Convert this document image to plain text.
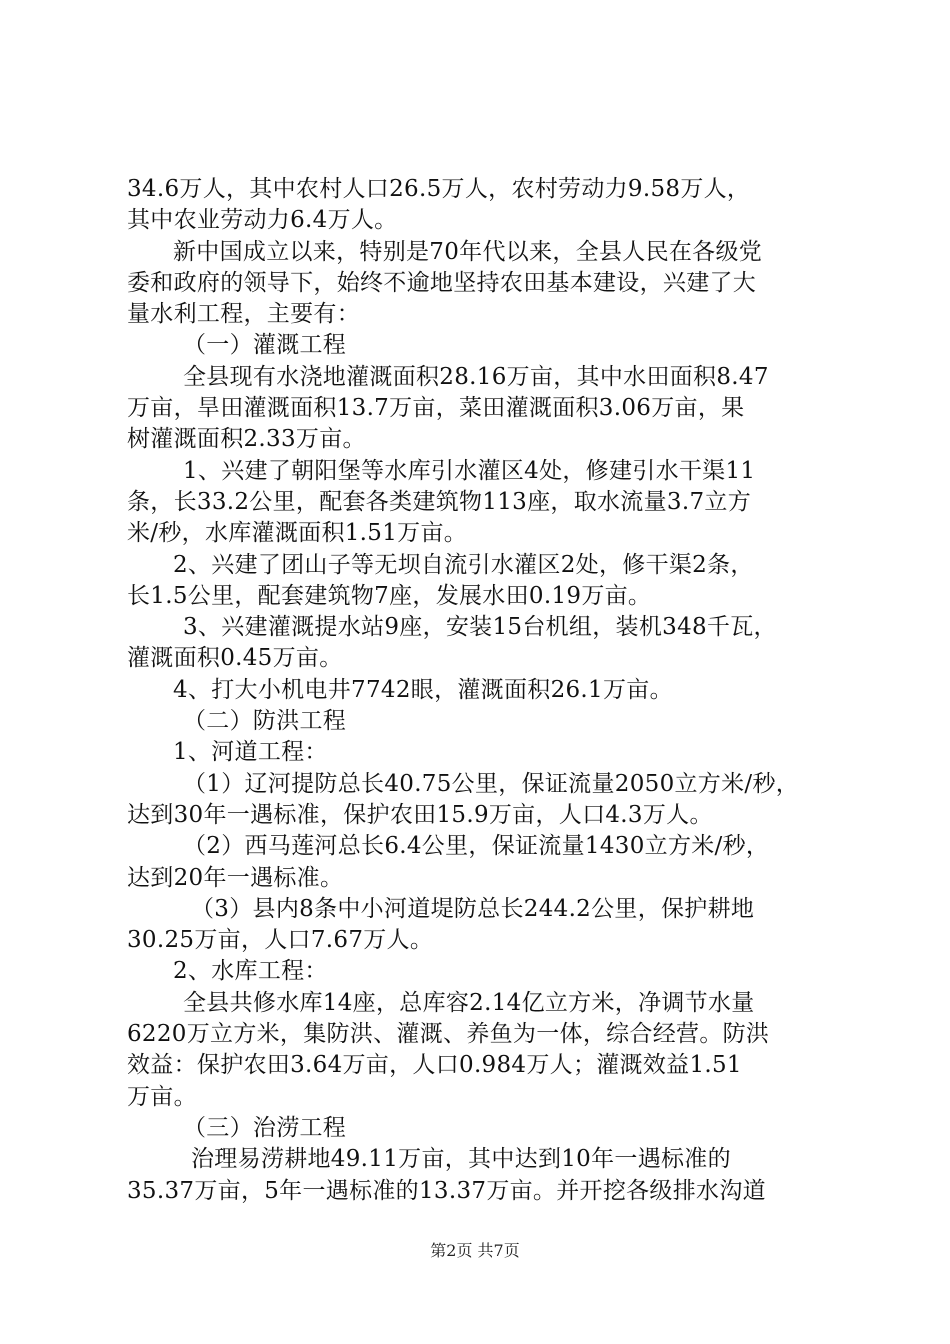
34.6万人，其中农村人口26.5万人，农村劳动力9.58万人，
其中农业劳动力6.4万人。
新中国成立以来，特别是70年代以来，全县人民在各级党
委和政府的领导下，始终不逾地坚持农田基本建设，兴建了大
量水利工程，主要有：
（一）灌溉工程
全县现有水浇地灌溉面积28.16万亩，其中水田面积8.47
万亩，旱田灌溉面积13.7万亩，菜田灌溉面积3.06万亩，果
树灌溉面积2.33万亩。
1、兴建了朝阳堡等水库引水灌区4处，修建引水干渠11
条，长33.2公里，配套各类建筑物113座，取水流量3.7立方
米/秒，水库灌溉面积1.51万亩。
2、兴建了团山子等无坝自流引水灌区2处，修干渠2条，
长1.5公里，配套建筑物7座，发展水田0.19万亩。
3、兴建灌溉提水站9座，安装15台机组，装机348千瓦，
灌溉面积0.45万亩。
4、打大小机电井7742眼，灌溉面积26.1万亩。
（二）防洪工程
1、河道工程：
（1）辽河提防总长40.75公里，保证流量2050立方米/秒，
达到30年一遇标准，保护农田15.9万亩，人口4.3万人。
（2）西马莲河总长6.4公里，保证流量1430立方米/秒，
达到20年一遇标准。
（3）县内8条中小河道堤防总长244.2公里，保护耕地
30.25万亩，人口7.67万人。
2、水库工程：
全县共修水库14座，总库容2.14亿立方米，净调节水量
6220万立方米，集防洪、灌溉、养鱼为一体，综合经营。防洪
效益：保护农田3.64万亩，人口0.984万人；灌溉效益1.51
万亩。
（三）治涝工程
治理易涝耕地49.11万亩，其中达到10年一遇标准的
35.37万亩，5年一遇标准的13.37万亩。并开挖各级排水沟道
第2页 共7页
